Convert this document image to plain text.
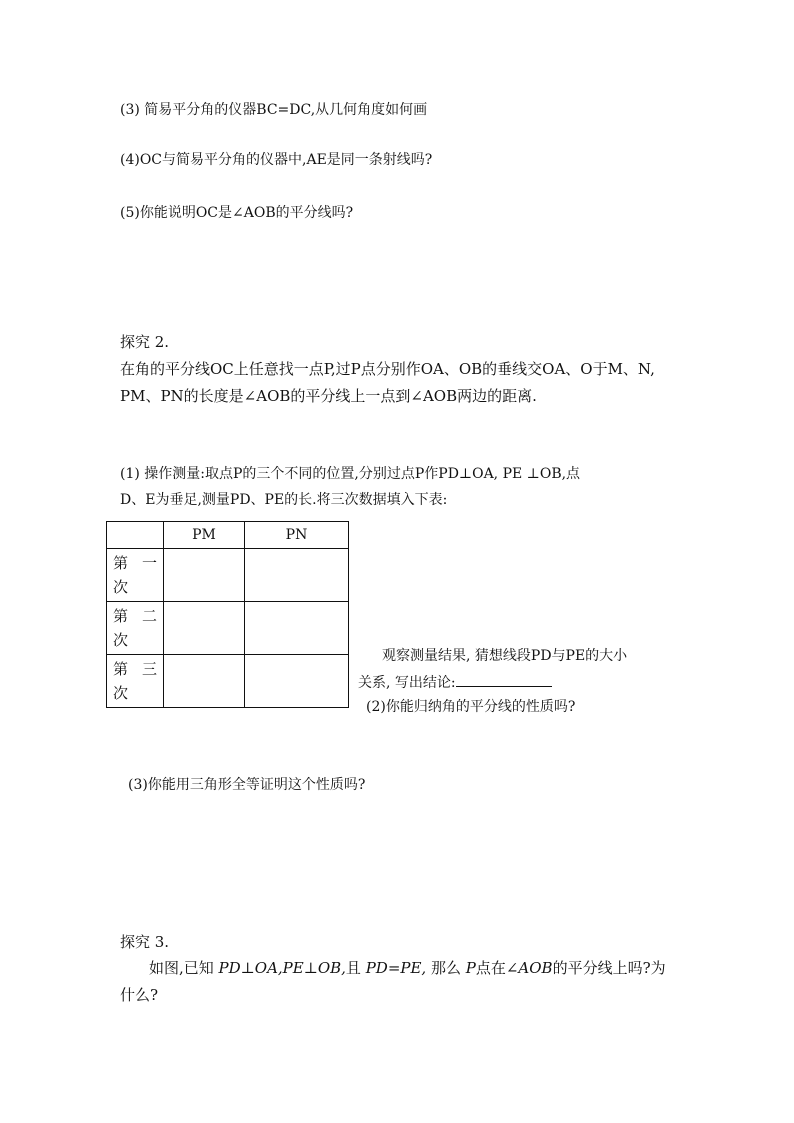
(3) 简易平分角的仪器BC=DC,从几何角度如何画
(4)OC与简易平分角的仪器中,AE是同一条射线吗?
(5)你能说明OC是∠AOB的平分线吗?
探究 2.
在角的平分线OC上任意找一点P,过P点分别作OA、OB的垂线交OA、O于M、N,
PM、PN的长度是∠AOB的平分线上一点到∠AOB两边的距离.
(1) 操作测量:取点P的三个不同的位置,分别过点P作PD⊥OA, PE ⊥OB,点
D、E为垂足,测量PD、PE的长.将三次数据填入下表:
	PM	PN

第 一 次		

第 二 次		

第 三 次		

观察测量结果, 猜想线段PD与PE的大小
关系, 写出结论:
(2)你能归纳角的平分线的性质吗?
(3)你能用三角形全等证明这个性质吗?
探究 3.
如图,已知 PD⊥OA,PE⊥OB,且 PD=PE, 那么 P点在∠AOB的平分线上吗?为
什么?
